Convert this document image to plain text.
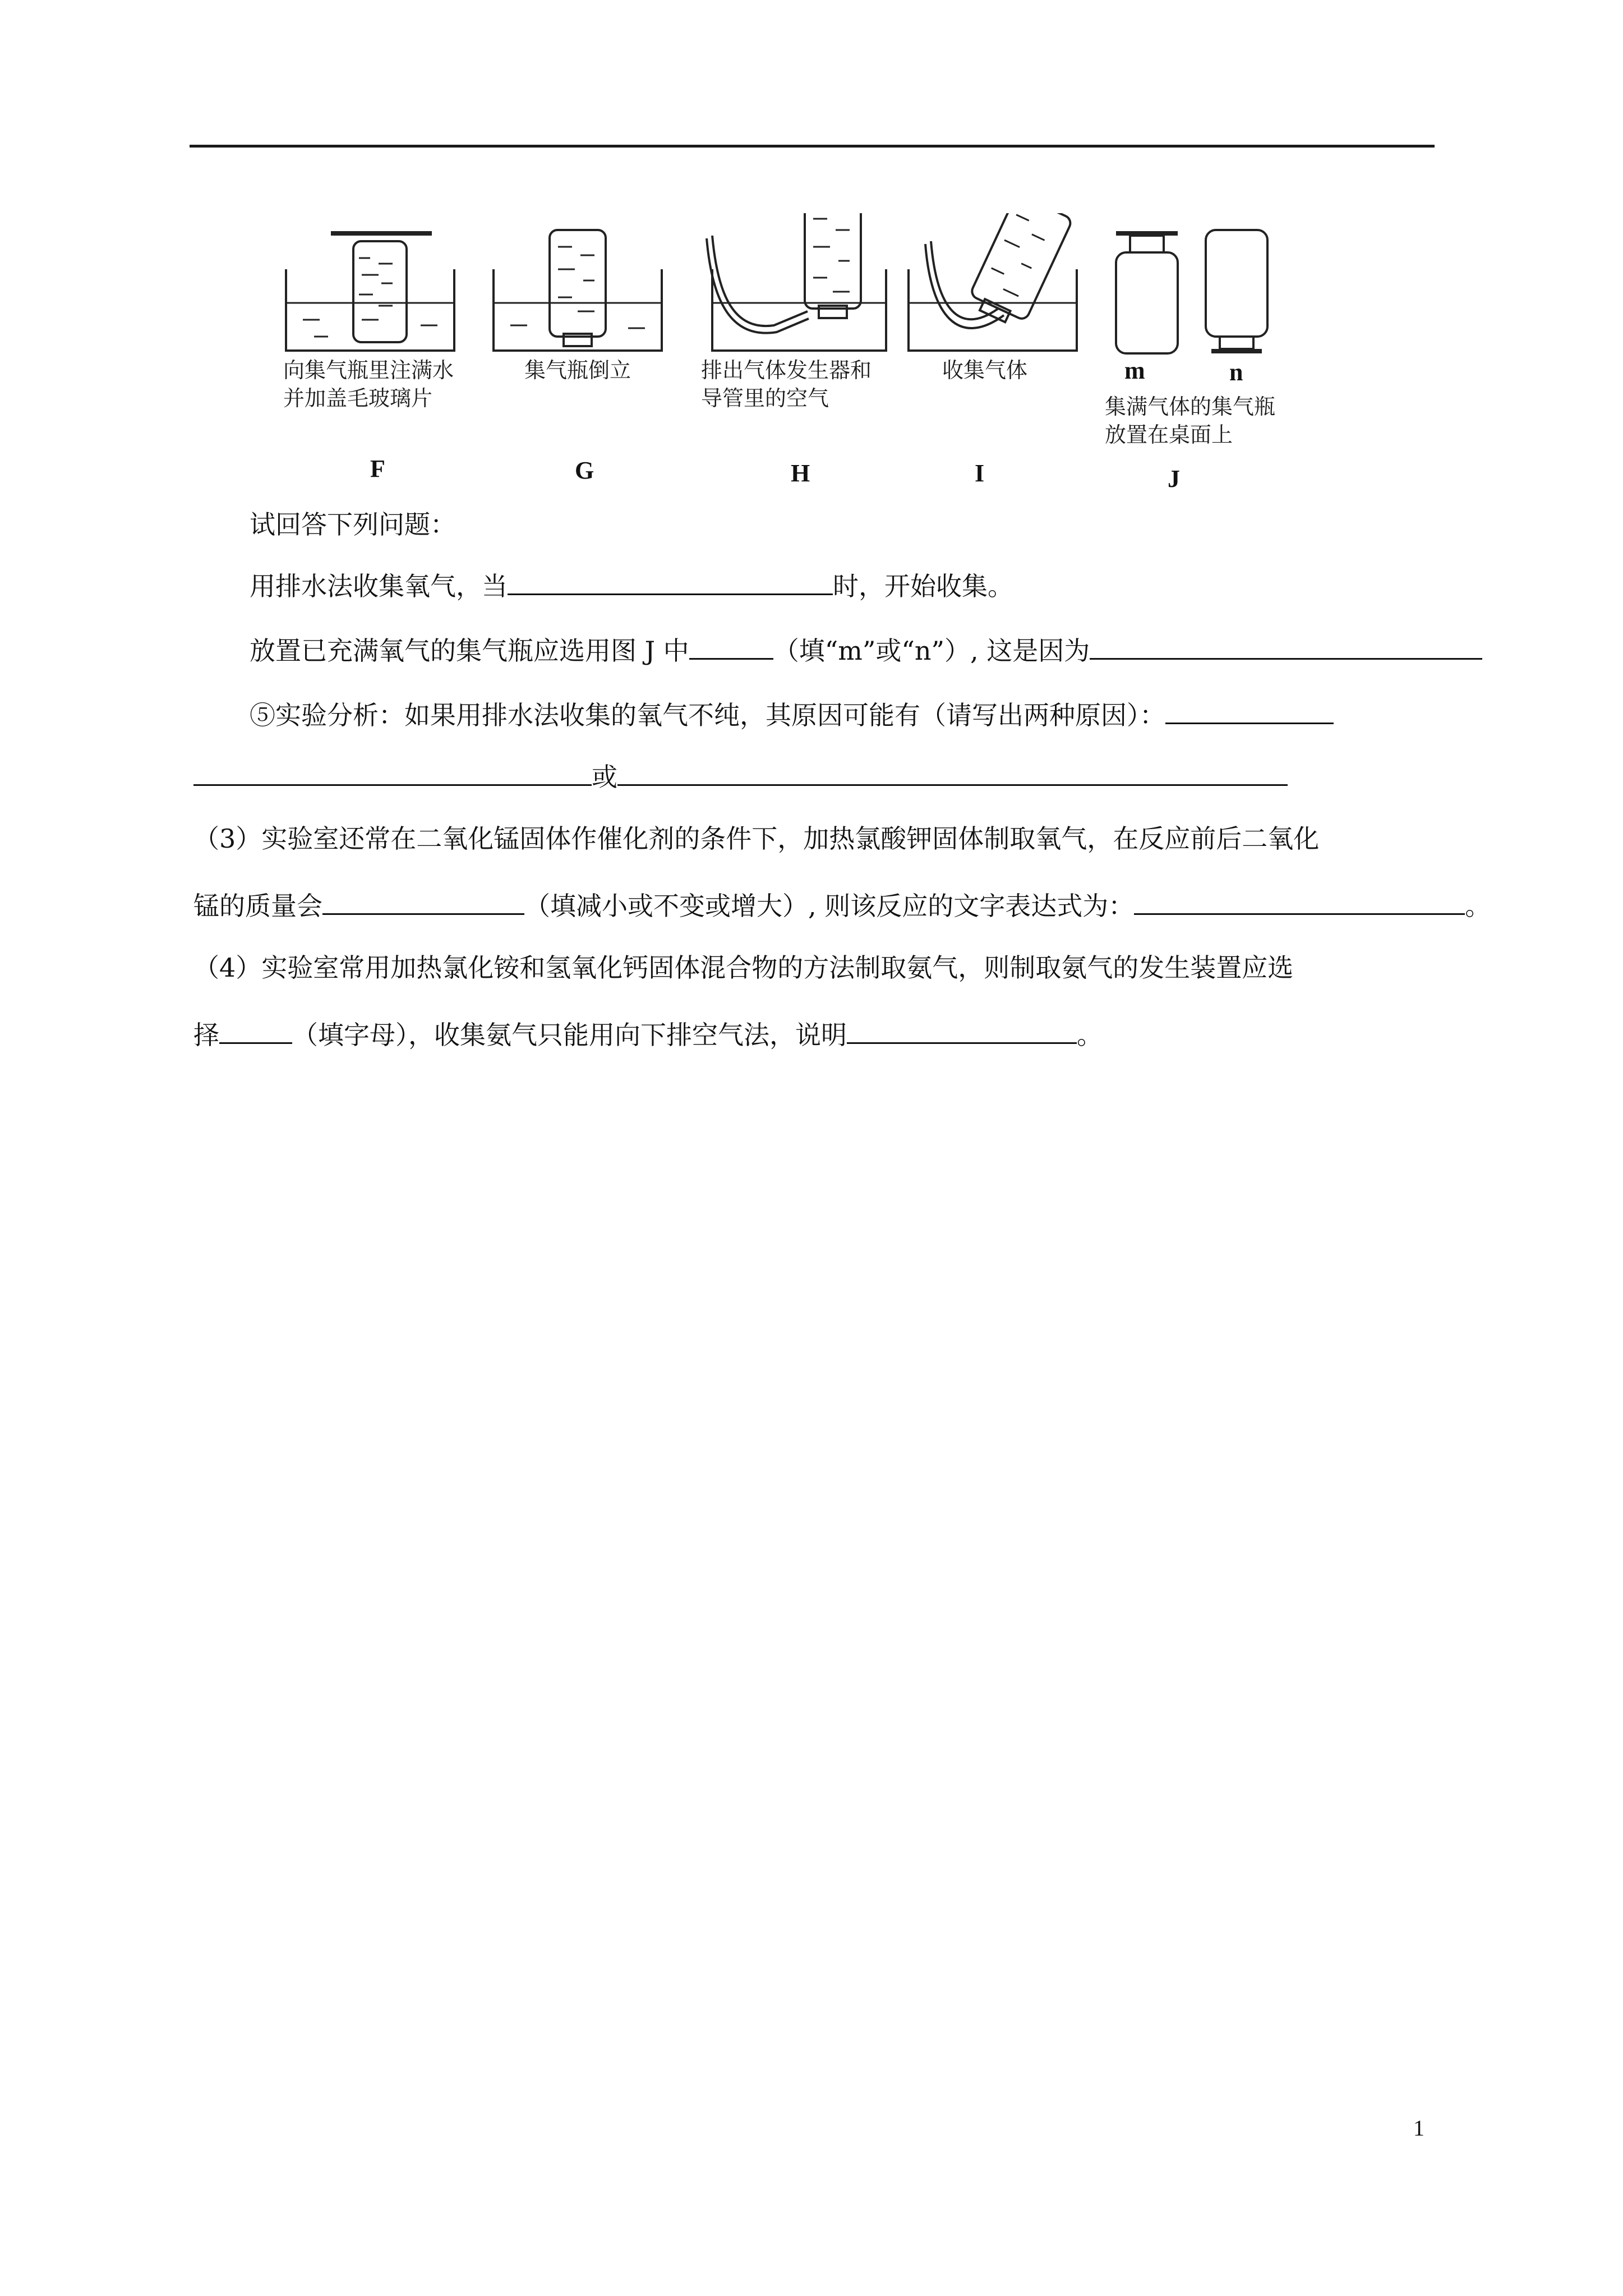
向集气瓶里注满水
并加盖毛玻璃片
集气瓶倒立	排出气体发生器和
导管里的空气
收集气体
集满气体的集气瓶
放置在桌面上
m	n
F	G	H	I	J
试回答下列问题：
用排水法收集氧气，当	时，开始收集。
放置已充满氧气的集气瓶应选用图 J 中	（填“m”或“n”）, 这是因为
⑤实验分析：如果用排水法收集的氧气不纯，其原因可能有（请写出两种原因）：
或
（3）实验室还常在二氧化锰固体作催化剂的条件下，加热氯酸钾固体制取氧气，在反应前后二氧化
锰的质量会	（填减小或不变或增大）, 则该反应的文字表达式为：	。
（4）实验室常用加热氯化铵和氢氧化钙固体混合物的方法制取氨气，则制取氨气的发生装置应选
择	（填字母），收集氨气只能用向下排空气法，说明	。
1
